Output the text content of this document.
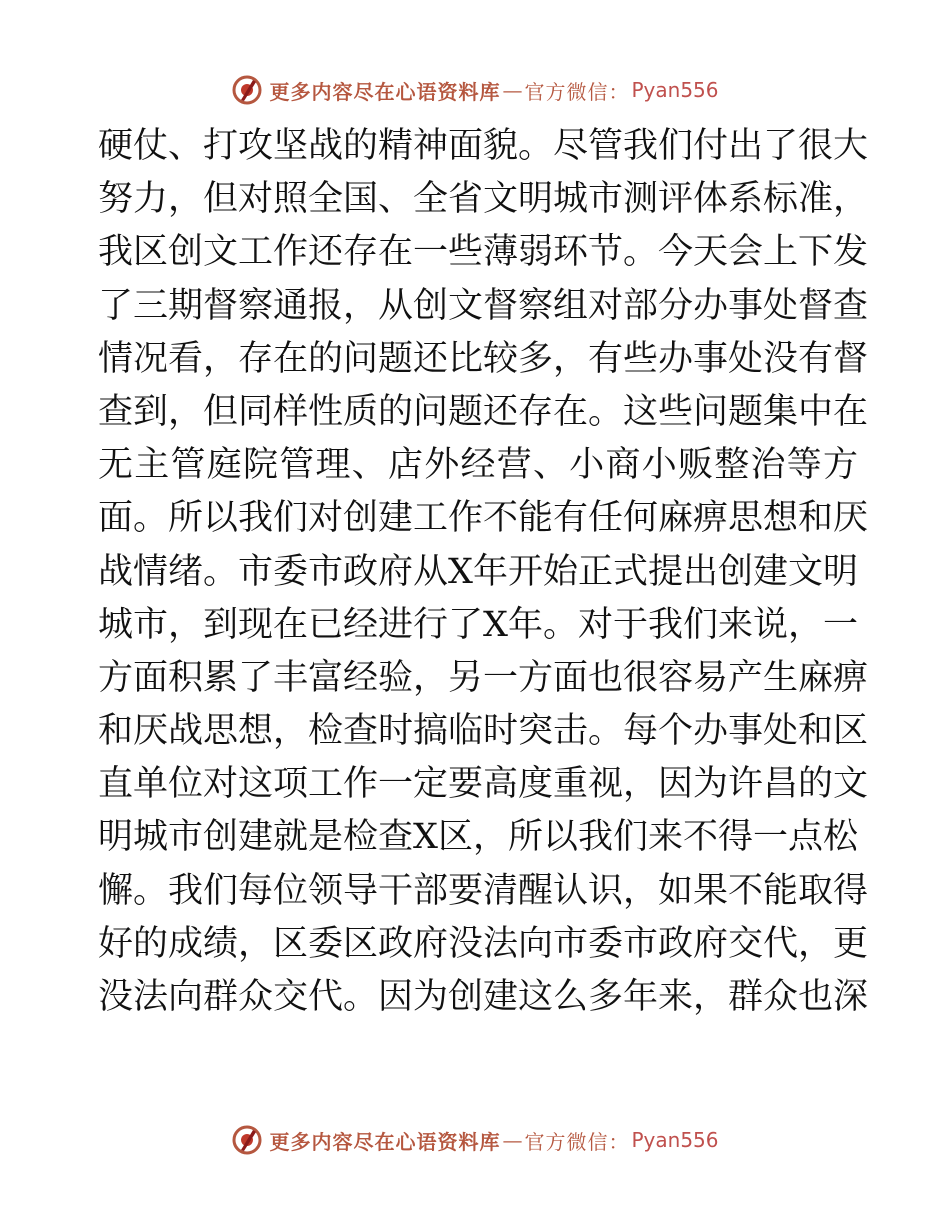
更多内容尽在心语资料库 — 官方微信： Pyan556
硬仗、打攻坚战的精神面貌。尽管我们付出了很大
努力，但对照全国、全省文明城市测评体系标准，
我区创文工作还存在一些薄弱环节。今天会上下发
了三期督察通报，从创文督察组对部分办事处督查
情况看，存在的问题还比较多，有些办事处没有督
查到，但同样性质的问题还存在。这些问题集中在
无主管庭院管理、店外经营、小商小贩整治等方
面。所以我们对创建工作不能有任何麻痹思想和厌
战情绪。市委市政府从X年开始正式提出创建文明
城市，到现在已经进行了X年。对于我们来说，一
方面积累了丰富经验，另一方面也很容易产生麻痹
和厌战思想，检查时搞临时突击。每个办事处和区
直单位对这项工作一定要高度重视，因为许昌的文
明城市创建就是检查X区，所以我们来不得一点松
懈。我们每位领导干部要清醒认识，如果不能取得
好的成绩，区委区政府没法向市委市政府交代，更
没法向群众交代。因为创建这么多年来，群众也深
更多内容尽在心语资料库 — 官方微信： Pyan556
